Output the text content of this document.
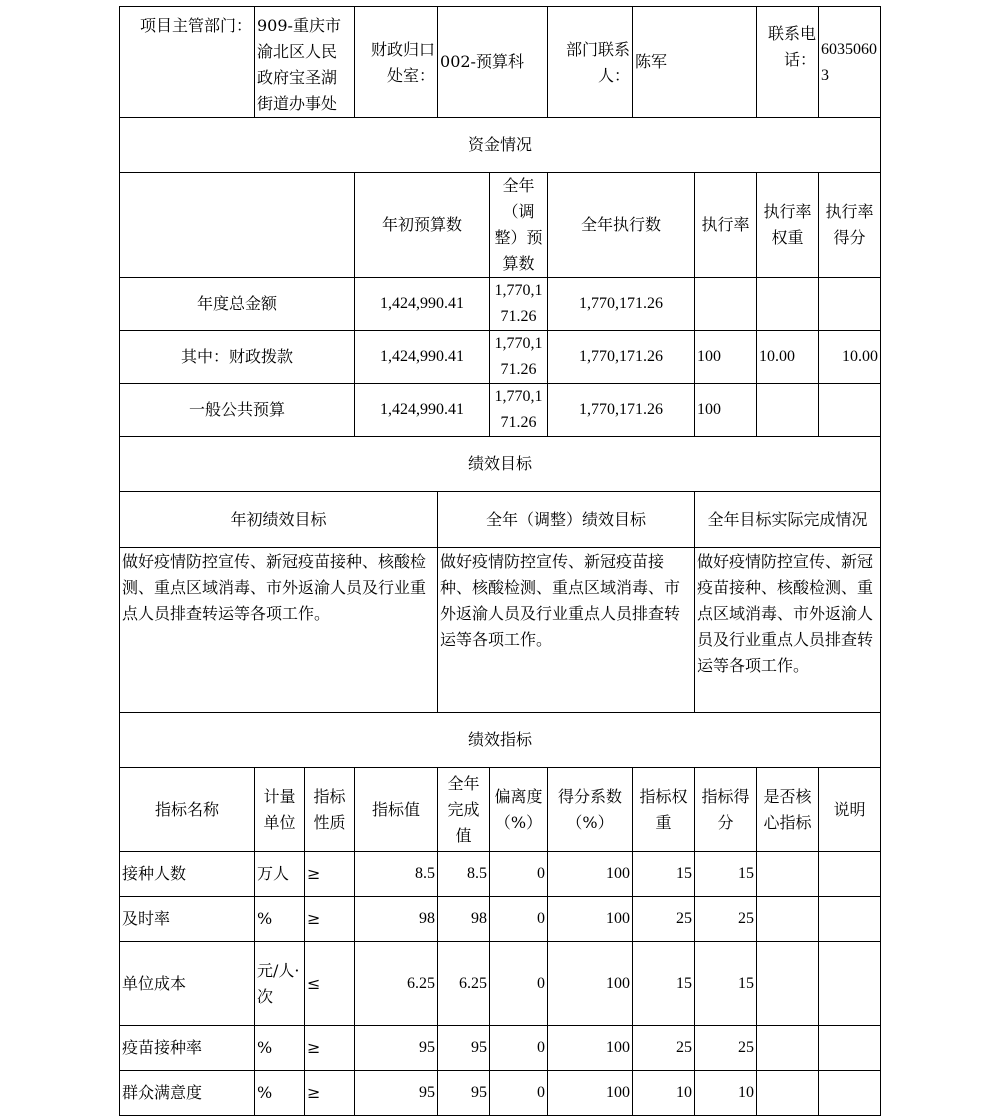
项目主管部门：	909-重庆市渝北区人民政府宝圣湖街道办事处		财政归口处室：	002-预算科		部门联系人：	陈军		联系电话：	60350603
资金情况										
			年初预算数		全年（调整）预算数	全年执行数		执行率	执行率权重	执行率得分
年度总金额			1,424,990.41		1,770,171.26	1,770,171.26				
其中：财政拨款			1,424,990.41		1,770,171.26	1,770,171.26		100	10.00	10.00
一般公共预算			1,424,990.41		1,770,171.26	1,770,171.26		100		
绩效目标										
年初绩效目标				全年（调整）绩效目标				全年目标实际完成情况		
做好疫情防控宣传、新冠疫苗接种、核酸检测、重点区域消毒、市外返渝人员及行业重点人员排查转运等各项工作。				做好疫情防控宣传、新冠疫苗接种、核酸检测、重点区域消毒、市外返渝人员及行业重点人员排查转运等各项工作。				做好疫情防控宣传、新冠疫苗接种、核酸检测、重点区域消毒、市外返渝人员及行业重点人员排查转运等各项工作。		
绩效指标										
指标名称	计量单位	指标性质	指标值	全年完成值	偏离度（%）	得分系数（%）	指标权重	指标得分	是否核心指标	说明
接种人数	万人	≥	8.5	8.5	0	100	15	15		
及时率	%	≥	98	98	0	100	25	25		
单位成本	元/人·次	≤	6.25	6.25	0	100	15	15		
疫苗接种率	%	≥	95	95	0	100	25	25		
群众满意度	%	≥	95	95	0	100	10	10		
